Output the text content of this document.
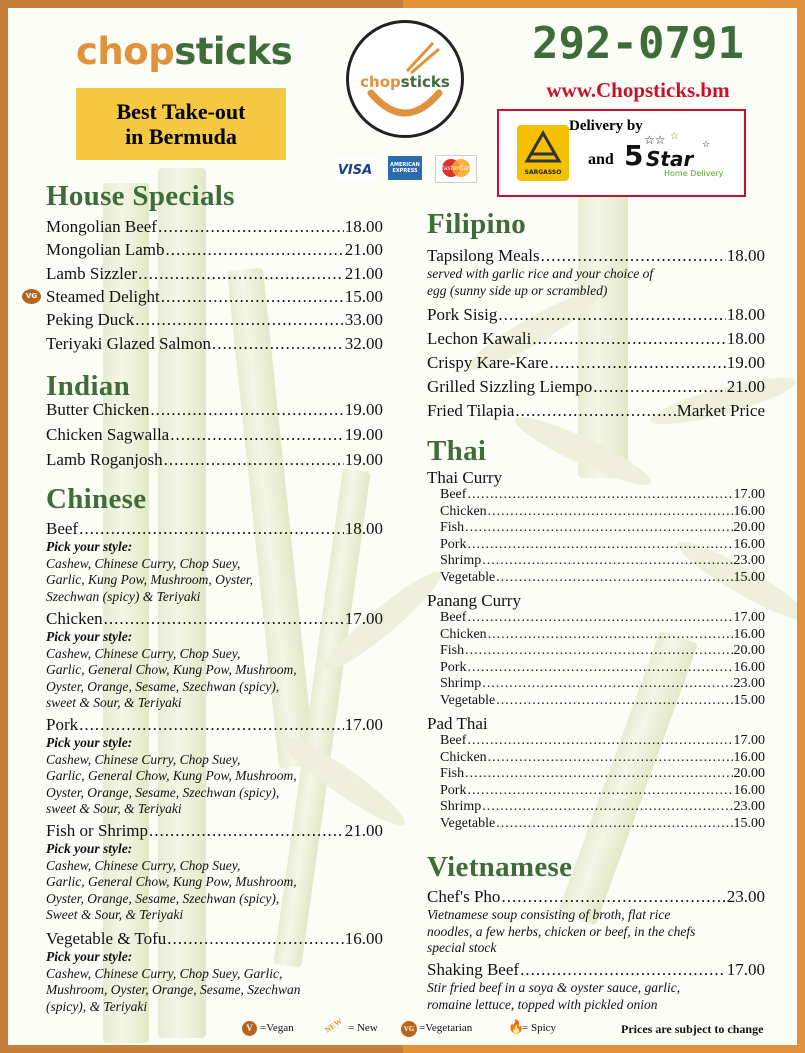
chopsticks
Best Take-out in Bermuda
chopsticks
VISA	AMERICAN EXPRESS	MasterCard
292-0791
www.Chopsticks.bm
Delivery by
SARGASSO
and 5 Star
☆☆ ☆
☆
Home Delivery
House Specials
Mongolian Beef .....	18.00
Mongolian Lamb .....	21.00
Lamb Sizzler .....	21.00
Steamed Delight .....	15.00
VG
Peking Duck .....	33.00
Teriyaki Glazed Salmon .....	32.00
Indian
Butter Chicken .....	19.00
Chicken Sagwalla .....	19.00
Lamb Roganjosh .....	19.00
Chinese
Beef .....	18.00
Pick your style:
Cashew, Chinese Curry, Chop Suey,
Garlic, Kung Pow, Mushroom, Oyster,
Szechwan (spicy) & Teriyaki
Chicken .....	17.00
Pick your style:
Cashew, Chinese Curry, Chop Suey,
Garlic, General Chow, Kung Pow, Mushroom,
Oyster, Orange, Sesame, Szechwan (spicy),
sweet & Sour, & Teriyaki
Pork .....	17.00
Pick your style:
Cashew, Chinese Curry, Chop Suey,
Garlic, General Chow, Kung Pow, Mushroom,
Oyster, Orange, Sesame, Szechwan (spicy),
sweet & Sour, & Teriyaki
Fish or Shrimp .....	21.00
Pick your style:
Cashew, Chinese Curry, Chop Suey,
Garlic, General Chow, Kung Pow, Mushroom,
Oyster, Orange, Sesame, Szechwan (spicy),
Sweet & Sour, & Teriyaki
Vegetable & Tofu .....	16.00
Pick your style:
Cashew, Chinese Curry, Chop Suey, Garlic,
Mushroom, Oyster, Orange, Sesame, Szechwan
(spicy), & Teriyaki
Filipino
Tapsilong Meals .....	18.00
served with garlic rice and your choice of
egg (sunny side up or scrambled)
Pork Sisig .....	18.00
Lechon Kawali .....	18.00
Crispy Kare-Kare .....	19.00
Grilled Sizzling Liempo .....	21.00
Fried Tilapia .....	Market Price
Thai
Thai Curry
Beef .....	17.00
Chicken .....	16.00
Fish .....	20.00
Pork .....	16.00
Shrimp .....	23.00
Vegetable .....	15.00
Panang Curry
Beef .....	17.00
Chicken .....	16.00
Fish .....	20.00
Pork .....	16.00
Shrimp .....	23.00
Vegetable .....	15.00
Pad Thai
Beef .....	17.00
Chicken .....	16.00
Fish .....	20.00
Pork .....	16.00
Shrimp .....	23.00
Vegetable .....	15.00
Vietnamese
Chef's Pho .....	23.00
Vietnamese soup consisting of broth, flat rice
noodles, a few herbs, chicken or beef, in the chefs
special stock
Shaking Beef .....	17.00
Stir fried beef in a soya & oyster sauce, garlic,
romaine lettuce, topped with pickled onion
V =Vegan	NEW = New	VG =Vegetarian	🔥
= Spicy	Prices are subject to change
